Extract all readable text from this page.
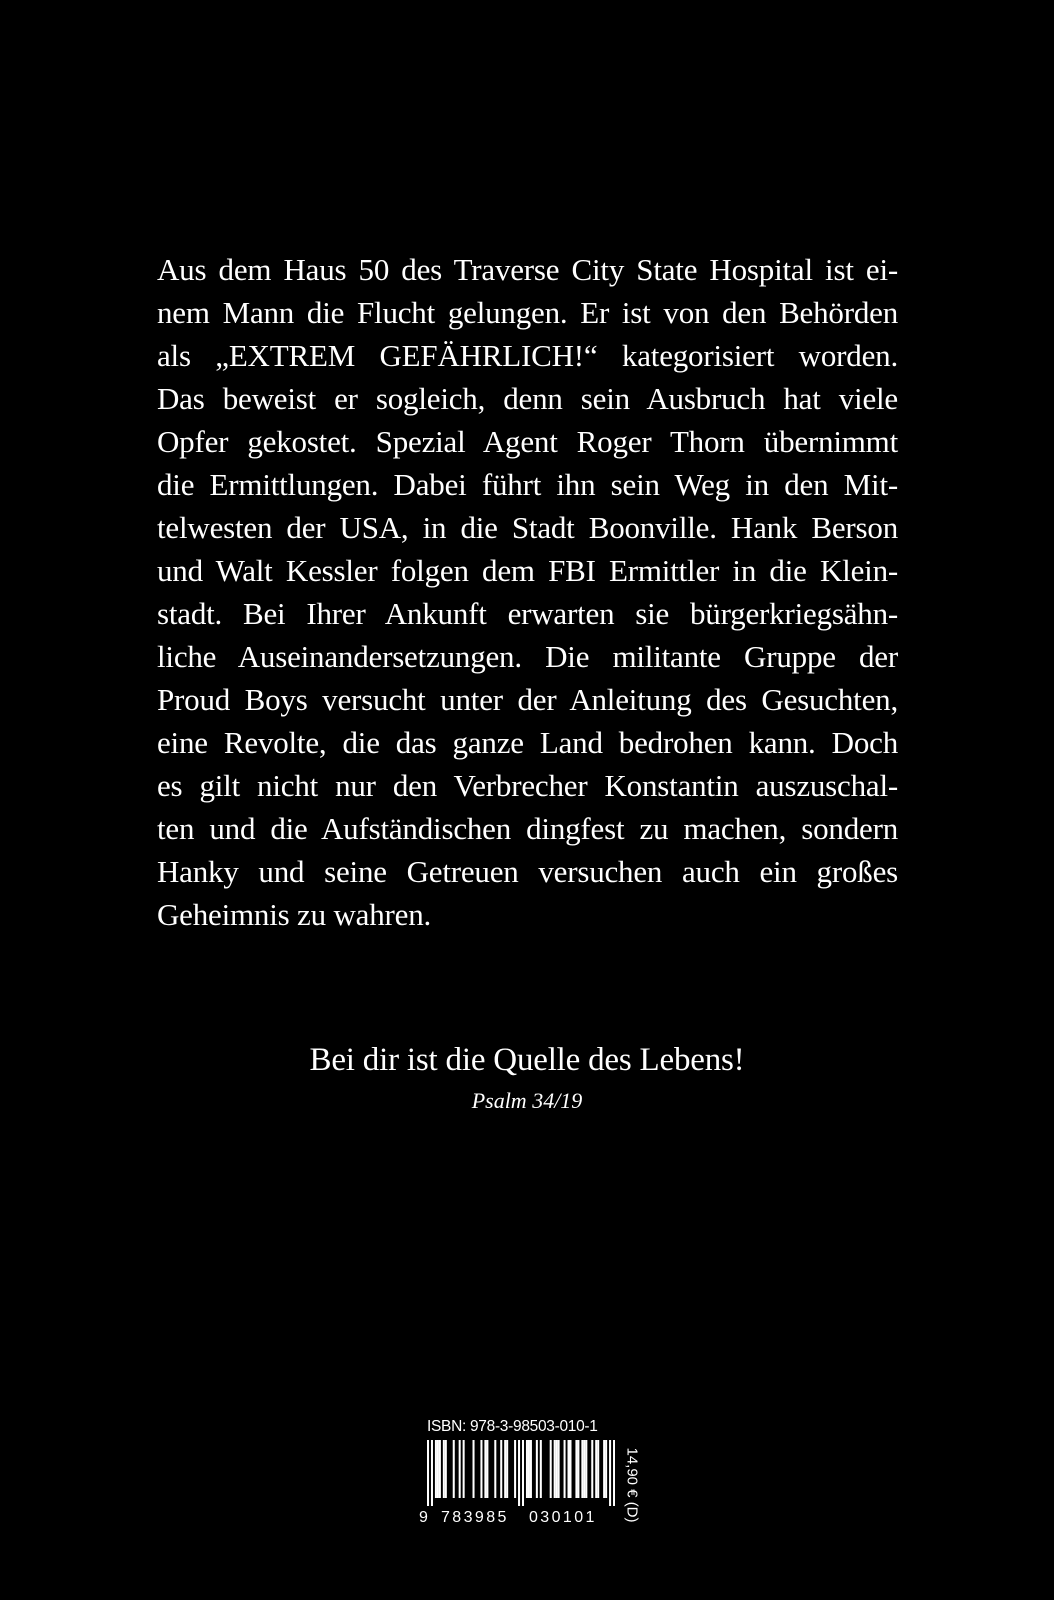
Aus dem Haus 50 des Traverse City State Hospital ist ei-
nem Mann die Flucht gelungen. Er ist von den Behörden
als „EXTREM GEFÄHRLICH!“ kategorisiert worden.
Das beweist er sogleich, denn sein Ausbruch hat viele
Opfer gekostet. Spezial Agent Roger Thorn übernimmt
die Ermittlungen. Dabei führt ihn sein Weg in den Mit-
telwesten der USA, in die Stadt Boonville. Hank Berson
und Walt Kessler folgen dem FBI Ermittler in die Klein-
stadt. Bei Ihrer Ankunft erwarten sie bürgerkriegsähn-
liche Auseinandersetzungen. Die militante Gruppe der
Proud Boys versucht unter der Anleitung des Gesuchten,
eine Revolte, die das ganze Land bedrohen kann. Doch
es gilt nicht nur den Verbrecher Konstantin auszuschal-
ten und die Aufständischen dingfest zu machen, sondern
Hanky und seine Getreuen versuchen auch ein großes
Geheimnis zu wahren.
Bei dir ist die Quelle des Lebens!
Psalm 34/19
ISBN: 978-3-98503-010-1
9 783985 030101 14,90 € (D)
